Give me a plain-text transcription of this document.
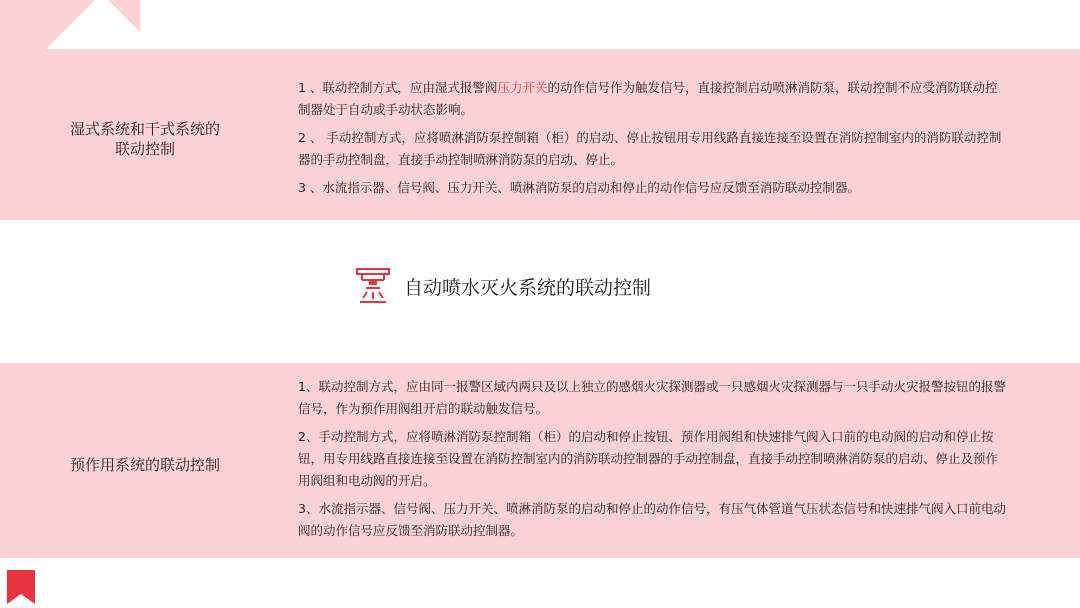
湿式系统和干式系统的
联动控制
1 、联动控制方式，应由湿式报警阀压力开关的动作信号作为触发信号，直接控制启动喷淋消防泵，联动控制不应受消防联动控制器处于自动或手动状态影响。
2 、 手动控制方式，应将喷淋消防泵控制箱（柜）的启动、停止按钮用专用线路直接连接至设置在消防控制室内的消防联动控制器的手动控制盘，直接手动控制喷淋消防泵的启动、停止。
3 、水流指示器、信号阀、压力开关、喷淋消防泵的启动和停止的动作信号应反馈至消防联动控制器。
自动喷水灭火系统的联动控制
预作用系统的联动控制
1、联动控制方式，应由同一报警区域内两只及以上独立的感烟火灾探测器或一只感烟火灾探测器与一只手动火灾报警按钮的报警信号，作为预作用阀组开启的联动触发信号。
2、手动控制方式，应将喷淋消防泵控制箱（柜）的启动和停止按钮、预作用阀组和快速排气阀入口前的电动阀的启动和停止按钮，用专用线路直接连接至设置在消防控制室内的消防联动控制器的手动控制盘，直接手动控制喷淋消防泵的启动、停止及预作用阀组和电动阀的开启。
3、水流指示器、信号阀、压力开关、喷淋消防泵的启动和停止的动作信号，有压气体管道气压状态信号和快速排气阀入口前电动阀的动作信号应反馈至消防联动控制器。
